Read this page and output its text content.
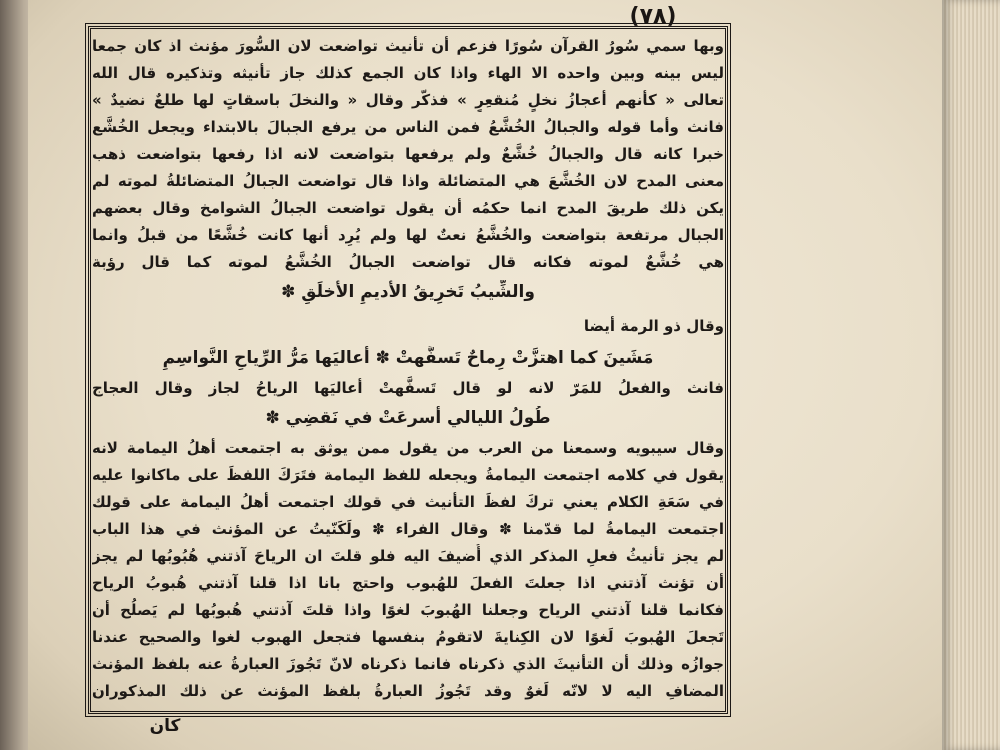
(٧٨)
وبها سمي سُورُ القرآن سُورًا فزعم أن تأنيث تواضعت لان السُّورَ مؤنث اذ كان جمعا
ليس بينه وبين واحده الا الهاء واذا كان الجمع كذلك جاز تأنيثه وتذكيره قال الله
تعالى « كأنهم أعجازُ نخلٍ مُنقعِرٍ » فذكّر وقال « والنخلَ باسقاتٍ لها طلعٌ نضيدٌ »
فانث وأما قوله والجبالُ الخُشَّعُ فمن الناس من يرفع الجبالَ بالابتداء ويجعل الخُشَّع
خبرا كانه قال والجبالُ خُشَّعٌ ولم يرفعها بتواضعت لانه اذا رفعها بتواضعت ذهب
معنى المدح لان الخُشَّعَ هي المتضائلة واذا قال تواضعت الجبالُ المتضائلةُ لموته لم
يكن ذلك طريقَ المدح انما حكمُه أن يقول تواضعت الجبالُ الشوامخ وقال بعضهم
الجبال مرتفعة بتواضعت والخُشَّعُ نعتٌ لها ولم يُرِد أنها كانت خُشَّعًا من قبلُ وانما
هي خُشَّعٌ لموته فكانه قال تواضعت الجبالُ الخُشَّعُ لموته كما قال رؤبة
والشِّيبُ تَخرِيقُ الأَديمِ الأَخلَقِ ✽
وقال ذو الرمة أيضا
مَشَينَ كما اهتزَّتْ رِماحٌ تَسفَّهتْ ✽ أعاليَها مَرُّ الرِّياحِ النَّواسِمِ
فانث والفعلُ للمَرّ لانه لو قال تَسفَّهتْ أعاليَها الرياحُ لجاز وقال العجاج
طُولُ الليالي أَسرعَتْ في نَقضِي ✽
وقال سيبويه وسمعنا من العرب من يقول ممن يوثق به اجتمعت أهلُ اليمامة لانه
يقول في كلامه اجتمعت اليمامةُ ويجعله للفظ اليمامة فتَرَكَ اللفظَ على ماكانوا عليه
في سَعَةِ الكلام يعني تركَ لفظَ التأنيث في قولك اجتمعت أهلُ اليمامة على قولك
اجتمعت اليمامةُ لما قدّمنا ✽ وقال الفراء ✽ ولَكَنّيتُ عن المؤنث في هذا الباب
لم يجز تأنيثُ فعلِ المذكر الذي أُضيفَ اليه فلو قلتَ ان الرياحَ آذتني هُبُوبُها لم يجز
أن تؤنث آذتني اذا جعلتَ الفعلَ للهُبوب واحتج بانا اذا قلنا آذتني هُبوبُ الرياح
فكانما قلنا آذتني الرياح وجعلنا الهُبوبَ لغوًا واذا قلتَ آذتني هُبوبُها لم يَصلُح أن
تَجعلَ الهُبوبَ لَغوًا لان الكِنايةَ لاتقومُ بنفسها فتجعل الهبوب لغوا والصحيح عندنا
جوازُه وذلك أن التأنيثَ الذي ذكرناه فانما ذكرناه لانّ تَجُوزَ العبارةُ عنه بلفظ المؤنث
المضافِ اليه لا لانّه لَغوٌ وقد تَجُوزُ العبارةُ بلفظ المؤنث عن ذلك المذكوران
كان
